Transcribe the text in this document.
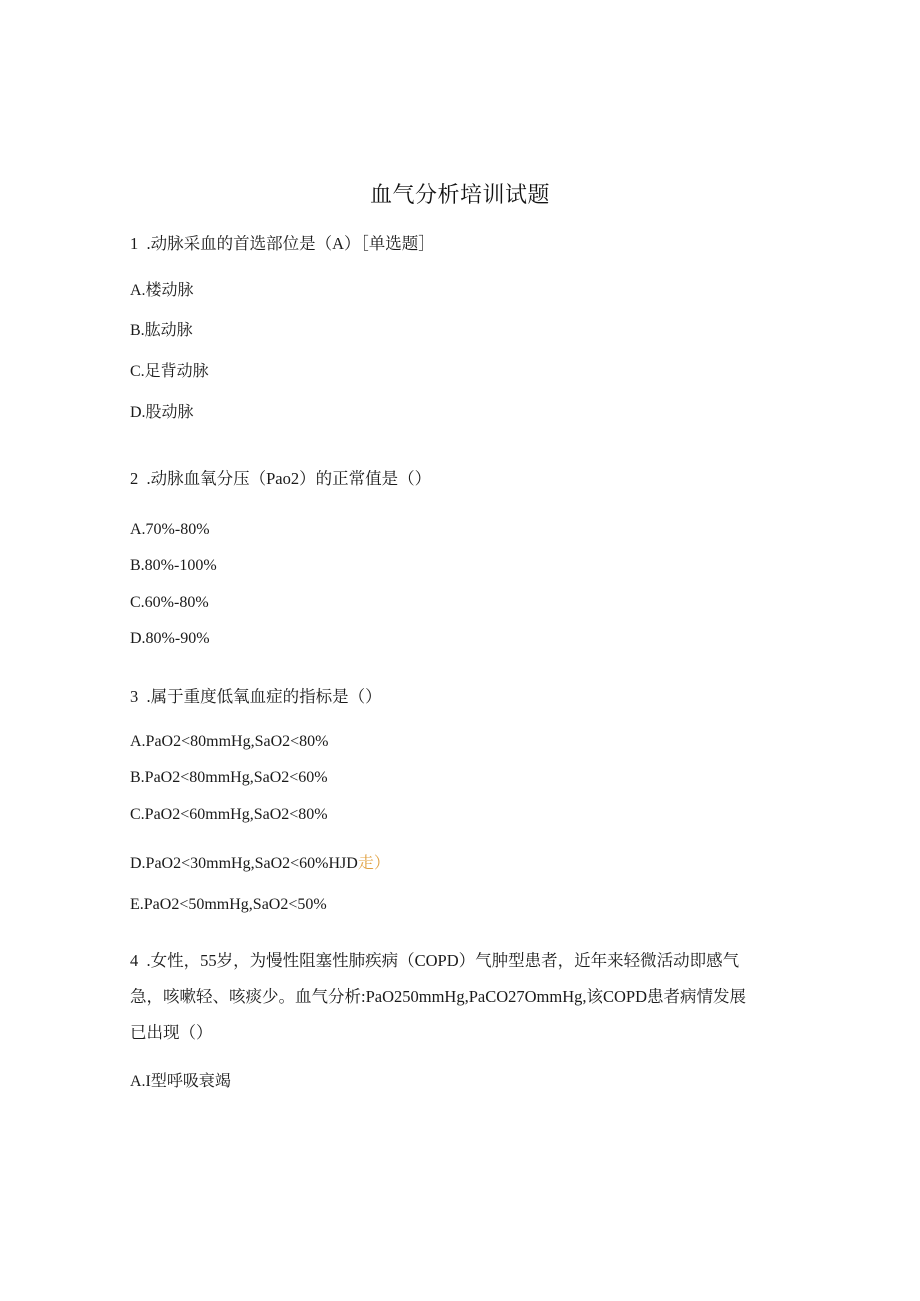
血气分析培训试题
1 .动脉采血的首选部位是（A）［单选题］
A.楼动脉
B.肱动脉
C.足背动脉
D.股动脉
2 .动脉血氧分压（Pao2）的正常值是（）
A.70%-80%
B.80%-100%
C.60%-80%
D.80%-90%
3 .属于重度低氧血症的指标是（）
A.PaO2<80mmHg,SaO2<80%
B.PaO2<80mmHg,SaO2<60%
C.PaO2<60mmHg,SaO2<80%
D.PaO2<30mmHg,SaO2<60%HJD走）
E.PaO2<50mmHg,SaO2<50%
4 .女性，55岁，为慢性阻塞性肺疾病（COPD）气肿型患者，近年来轻微活动即感气
急，咳嗽轻、咳痰少。血气分析:PaO250mmHg,PaCO27OmmHg,该COPD患者病情发展
已出现（）
A.I型呼吸衰竭
